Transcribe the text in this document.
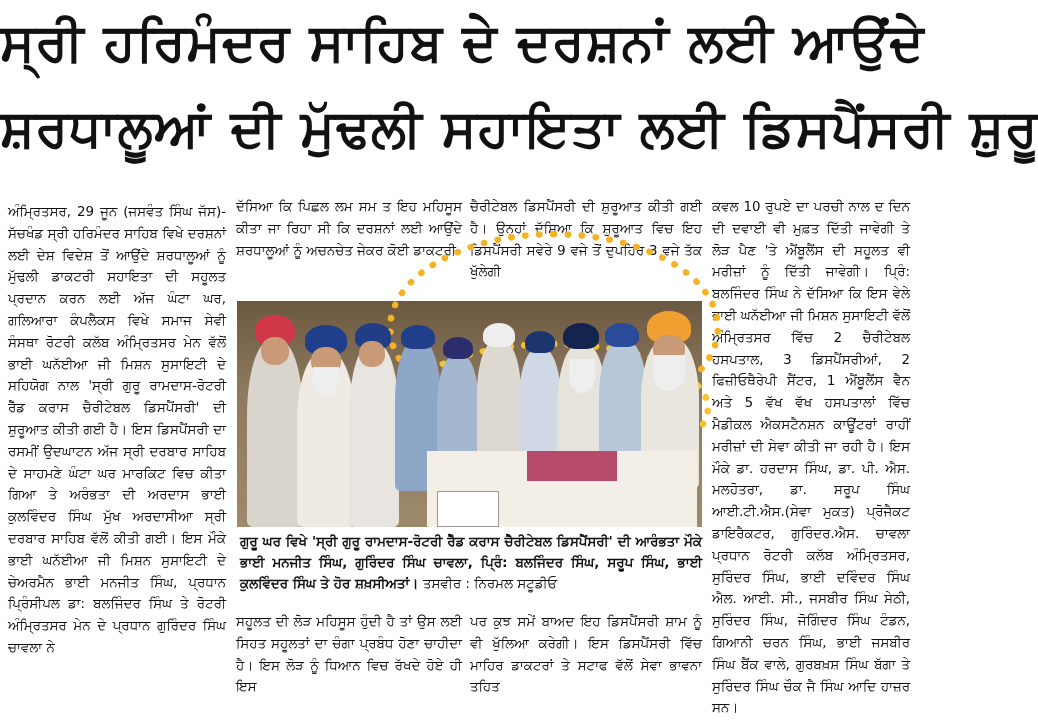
ਸ੍ਰੀ ਹਰਿਮੰਦਰ ਸਾਹਿਬ ਦੇ ਦਰਸ਼ਨਾਂ ਲਈ ਆਉਂਦੇ
ਸ਼ਰਧਾਲੂਆਂ ਦੀ ਮੁੱਢਲੀ ਸਹਾਇਤਾ ਲਈ ਡਿਸਪੈਂਸਰੀ ਸ਼ੁਰੂ

ਅੰਮ੍ਰਿਤਸਰ, 29 ਜੂਨ (ਜਸਵੰਤ ਸਿੰਘ ਜੱਸ)-ਸੱਚਖੰਡ ਸ੍ਰੀ ਹਰਿਮੰਦਰ ਸਾਹਿਬ ਵਿਖੇ ਦਰਸ਼ਨਾਂ ਲਈ ਦੇਸ਼ ਵਿਦੇਸ਼ ਤੋਂ ਆਉਂਦੇ ਸ਼ਰਧਾਲੂਆਂ ਨੂੰ ਮੁੱਢਲੀ ਡਾਕਟਰੀ ਸਹਾਇਤਾ ਦੀ ਸਹੂਲਤ ਪ੍ਰਦਾਨ ਕਰਨ ਲਈ ਅੱਜ ਘੰਟਾ ਘਰ, ਗਲਿਆਰਾ ਕੰਪਲੈਕਸ ਵਿਖੇ ਸਮਾਜ ਸੇਵੀ ਸੰਸਥਾ ਰੋਟਰੀ ਕਲੱਬ ਅੰਮ੍ਰਿਤਸਰ ਮੇਨ ਵੱਲੋਂ ਭਾਈ ਘਨੱਈਆ ਜੀ ਮਿਸ਼ਨ ਸੁਸਾਇਟੀ ਦੇ ਸਹਿਯੋਗ ਨਾਲ 'ਸ੍ਰੀ ਗੁਰੂ ਰਾਮਦਾਸ-ਰੋਟਰੀ ਰੈੱਡ ਕਰਾਸ ਚੈਰੀਟੇਬਲ ਡਿਸਪੈਂਸਰੀ' ਦੀ ਸ਼ੁਰੂਆਤ ਕੀਤੀ ਗਈ ਹੈ। ਇਸ ਡਿਸਪੈਂਸਰੀ ਦਾ ਰਸਮੀਂ ਉਦਘਾਟਨ ਅੱਜ ਸ੍ਰੀ ਦਰਬਾਰ ਸਾਹਿਬ ਦੇ ਸਾਹਮਣੇ ਘੰਟਾ ਘਰ ਮਾਰਕਿਟ ਵਿਚ ਕੀਤਾ ਗਿਆ ਤੇ ਅਰੰਭਤਾ ਦੀ ਅਰਦਾਸ ਭਾਈ ਕੁਲਵਿੰਦਰ ਸਿੰਘ ਮੁੱਖ ਅਰਦਾਸੀਆ ਸ੍ਰੀ ਦਰਬਾਰ ਸਾਹਿਬ ਵੱਲੋਂ ਕੀਤੀ ਗਈ। ਇਸ ਮੌਕੇ ਭਾਈ ਘਨੱਈਆ ਜੀ ਮਿਸ਼ਨ ਸੁਸਾਇਟੀ ਦੇ ਚੇਅਰਮੈਨ ਭਾਈ ਮਨਜੀਤ ਸਿੰਘ, ਪ੍ਰਧਾਨ ਪ੍ਰਿੰਸੀਪਲ ਡਾ: ਬਲਜਿੰਦਰ ਸਿੰਘ ਤੇ ਰੋਟਰੀ ਅੰਮ੍ਰਿਤਸਰ ਮੇਨ ਦੇ ਪ੍ਰਧਾਨ ਗੁਰਿੰਦਰ ਸਿੰਘ ਚਾਵਲਾ ਨੇ

ਦੱਸਿਆ ਕਿ ਪਿਛਲ ਲਮ ਸਮ ਤ ਇਹ ਮਹਿਸੂਸ ਕੀਤਾ ਜਾ ਰਿਹਾ ਸੀ ਕਿ ਦਰਸ਼ਨਾਂ ਲਈ ਆਉਂਦੇ ਸ਼ਰਧਾਲੂਆਂ ਨੂੰ ਅਚਨਚੇਤ ਜੇਕਰ ਕੋਈ ਡਾਕਟਰੀ

ਚੈਰੀਟੇਬਲ ਡਿਸਪੈਂਸਰੀ ਦੀ ਸ਼ੁਰੂਆਤ ਕੀਤੀ ਗਈ ਹੈ। ਉਨ੍ਹਾਂ ਦੱਸਿਆ ਕਿ ਸ਼ੁਰੂਆਤ ਵਿਚ ਇਹ ਡਿਸਪੈਂਸਰੀ ਸਵੇਰੇ 9 ਵਜੇ ਤੋਂ ਦੁਪਹਿਰ 3 ਵਜੇ ਤੱਕ ਖੁੱਲੇਗੀ

ਕਵਲ 10 ਰੁਪਏ ਦਾ ਪਰਚੀ ਨਾਲ ਦ ਦਿਨ ਦੀ ਦਵਾਈ ਵੀ ਮੁਫ਼ਤ ਦਿੱਤੀ ਜਾਵੇਗੀ ਤੇ ਲੋੜ ਪੈਣ 'ਤੇ ਐਂਬੂਲੈਂਸ ਦੀ ਸਹੂਲਤ ਵੀ ਮਰੀਜ਼ਾਂ ਨੂੰ ਦਿੱਤੀ ਜਾਵੇਗੀ। ਪ੍ਰਿੰ: ਬਲਜਿੰਦਰ ਸਿੰਘ ਨੇ ਦੱਸਿਆ ਕਿ ਇਸ ਵੇਲੇ ਭਾਈ ਘਨੱਈਆ ਜੀ ਮਿਸ਼ਨ ਸੁਸਾਇਟੀ ਵੱਲੋਂ ਅੰਮ੍ਰਿਤਸਰ ਵਿੱਚ 2 ਚੈਰੀਟੇਬਲ ਹਸਪਤਾਲ, 3 ਡਿਸਪੈਂਸਰੀਆਂ, 2 ਫਿਜ਼ੀਓਥੈਰੇਪੀ ਸੈਂਟਰ, 1 ਐਂਬੂਲੈਂਸ ਵੈਨ ਅਤੇ 5 ਵੱਖ ਵੱਖ ਹਸਪਤਾਲਾਂ ਵਿੱਚ ਮੈਡੀਕਲ ਐਕਸਟੈਨਸ਼ਨ ਕਾਊਂਟਰਾਂ ਰਾਹੀਂ ਮਰੀਜ਼ਾਂ ਦੀ ਸੇਵਾ ਕੀਤੀ ਜਾ ਰਹੀ ਹੈ। ਇਸ ਮੌਕੇ ਡਾ. ਹਰਦਾਸ ਸਿੰਘ, ਡਾ. ਪੀ. ਐਸ. ਮਲਹੋਤਰਾ, ਡਾ. ਸਰੂਪ ਸਿੰਘ ਆਈ.ਟੀ.ਐਸ.(ਸੇਵਾ ਮੁਕਤ) ਪ੍ਰੋਜੈਕਟ ਡਾਇਰੈਕਟਰ, ਗੁਰਿੰਦਰ.ਐਸ. ਚਾਵਲਾ ਪ੍ਰਧਾਨ ਰੋਟਰੀ ਕਲੱਬ ਅੰਮ੍ਰਿਤਸਰ, ਸੁਰਿੰਦਰ ਸਿੰਘ, ਭਾਈ ਦਵਿੰਦਰ ਸਿੰਘ ਐਲ. ਆਈ. ਸੀ., ਜਸਬੀਰ ਸਿੰਘ ਸੇਠੀ, ਸੁਰਿੰਦਰ ਸਿੰਘ, ਜੋਗਿੰਦਰ ਸਿੰਘ ਟੰਡਨ, ਗਿਆਨੀ ਚਰਨ ਸਿੰਘ, ਭਾਈ ਜਸਬੀਰ ਸਿੰਘ ਬੈਂਕ ਵਾਲੇ, ਗੁਰਬਖ਼ਸ਼ ਸਿੰਘ ਬੱਗਾ ਤੇ ਸੁਰਿੰਦਰ ਸਿੰਘ ਚੌਕ ਜੈ ਸਿੰਘ ਆਦਿ ਹਾਜ਼ਰ ਸਨ।

ਗੁਰੂ ਘਰ ਵਿਖੇ 'ਸ੍ਰੀ ਗੁਰੂ ਰਾਮਦਾਸ-ਰੋਟਰੀ ਰੈੱਡ ਕਰਾਸ ਚੈਰੀਟੇਬਲ ਡਿਸਪੈਂਸਰੀ' ਦੀ ਆਰੰਭਤਾ ਮੌਕੇ ਭਾਈ ਮਨਜੀਤ ਸਿੰਘ, ਗੁਰਿੰਦਰ ਸਿੰਘ ਚਾਵਲਾ, ਪ੍ਰਿੰ: ਬਲਜਿੰਦਰ ਸਿੰਘ, ਸਰੂਪ ਸਿੰਘ, ਭਾਈ ਕੁਲਵਿੰਦਰ ਸਿੰਘ ਤੇ ਹੋਰ ਸ਼ਖ਼ਸੀਅਤਾਂ। ਤਸਵੀਰ : ਨਿਰਮਲ ਸਟੂਡੀਓ

ਸਹੂਲਤ ਦੀ ਲੋੜ ਮਹਿਸੂਸ ਹੁੰਦੀ ਹੈ ਤਾਂ ਉਸ ਲਈ ਸਿਹਤ ਸਹੂਲਤਾਂ ਦਾ ਚੰਗਾ ਪ੍ਰਬੰਧ ਹੋਣਾ ਚਾਹੀਦਾ ਹੈ। ਇਸ ਲੋੜ ਨੂੰ ਧਿਆਨ ਵਿਚ ਰੱਖਦੇ ਹੋਏ ਹੀ ਇਸ

ਪਰ ਕੁਝ ਸਮੇਂ ਬਾਅਦ ਇਹ ਡਿਸਪੈਂਸਰੀ ਸ਼ਾਮ ਨੂੰ ਵੀ ਖੁੱਲਿਆ ਕਰੇਗੀ। ਇਸ ਡਿਸਪੈਂਸਰੀ ਵਿੱਚ ਮਾਹਿਰ ਡਾਕਟਰਾਂ ਤੇ ਸਟਾਫ ਵੱਲੋਂ ਸੇਵਾ ਭਾਵਨਾ ਤਹਿਤ
